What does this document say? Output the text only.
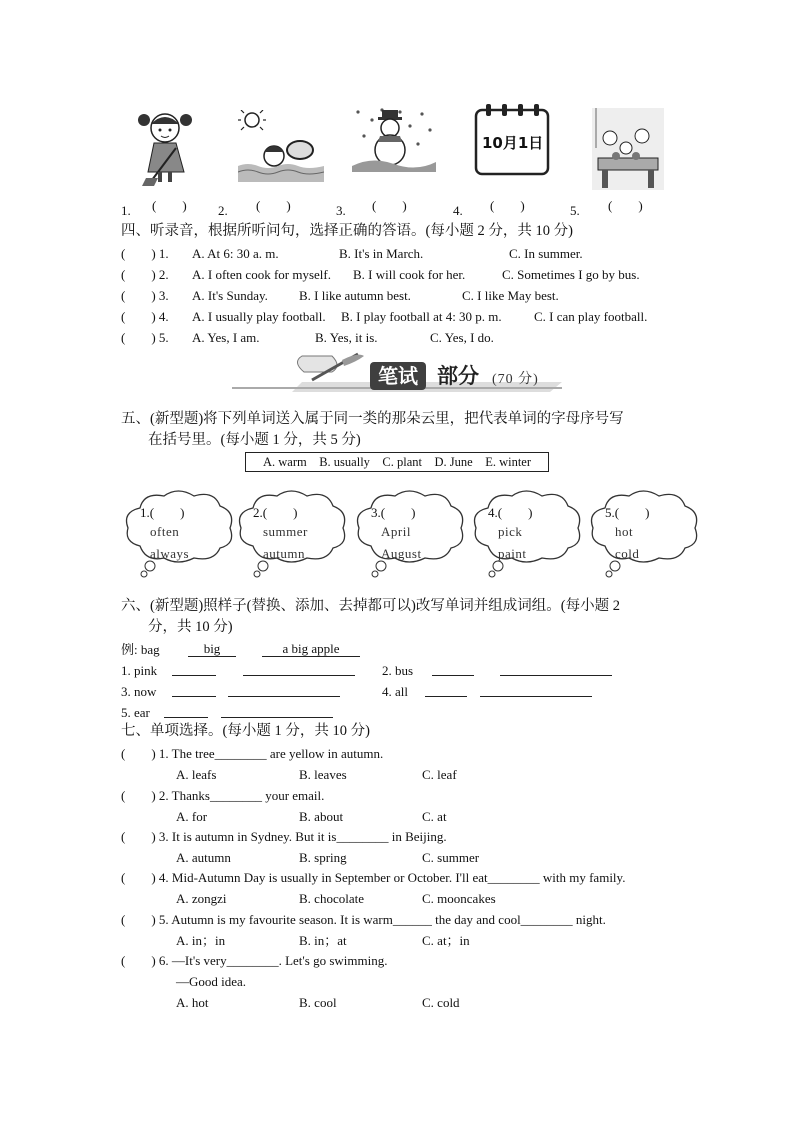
1. (　　) 2. (　　)	3. (　　)
10月1日
4. (　　)	5. (　　)
四、听录音，根据所听问句，选择正确的答语。(每小题 2 分，共 10 分)
(　　) 1. A. At 6: 30 a. m.	B. It's in March.	C. In summer.
(　　) 2. A. I often cook for myself. B. I will cook for her.	C. Sometimes I go by bus.
(　　) 3. A. It's Sunday. B. I like autumn best.	C. I like May best.
(　　) 4. A. I usually play football. B. I play football at 4: 30 p. m. C. I can play football.
(　　) 5. A. Yes, I am.	B. Yes, it is.	C. Yes, I do.
笔试 部分 (70 分)
五、(新型题)将下列单词送入属于同一类的那朵云里，把代表单词的字母序号写
在括号里。(每小题 1 分，共 5 分)
A. warm　B. usually　C. plant　D. June　E. winter
1.(　　)
often
always
2.(　　)
summer
autumn
3.(　　)
April
August
4.(　　)
pick
paint
5.(　　)
hot
cold
六、(新型题)照样子(替换、添加、去掉都可以)改写单词并组成词组。(每小题 2
分，共 10 分)
例: bag	big	a big apple
1. pink	2. bus
3. now	4. all
5. ear
七、单项选择。(每小题 1 分，共 10 分)
(　　) 1. The tree________ are yellow in autumn.
A. leafs	B. leaves	C. leaf
(　　) 2. Thanks________ your email.
A. for	B. about	C. at
(　　) 3. It is autumn in Sydney. But it is________ in Beijing.
A. autumn	B. spring	C. summer
(　　) 4. Mid-Autumn Day is usually in September or October. I'll eat________ with my family.
A. zongzi	B. chocolate	C. mooncakes
(　　) 5. Autumn is my favourite season. It is warm______ the day and cool________ night.
A. in；in	B. in；at	C. at；in
(　　) 6. —It's very________. Let's go swimming.
—Good idea.
A. hot	B. cool	C. cold
